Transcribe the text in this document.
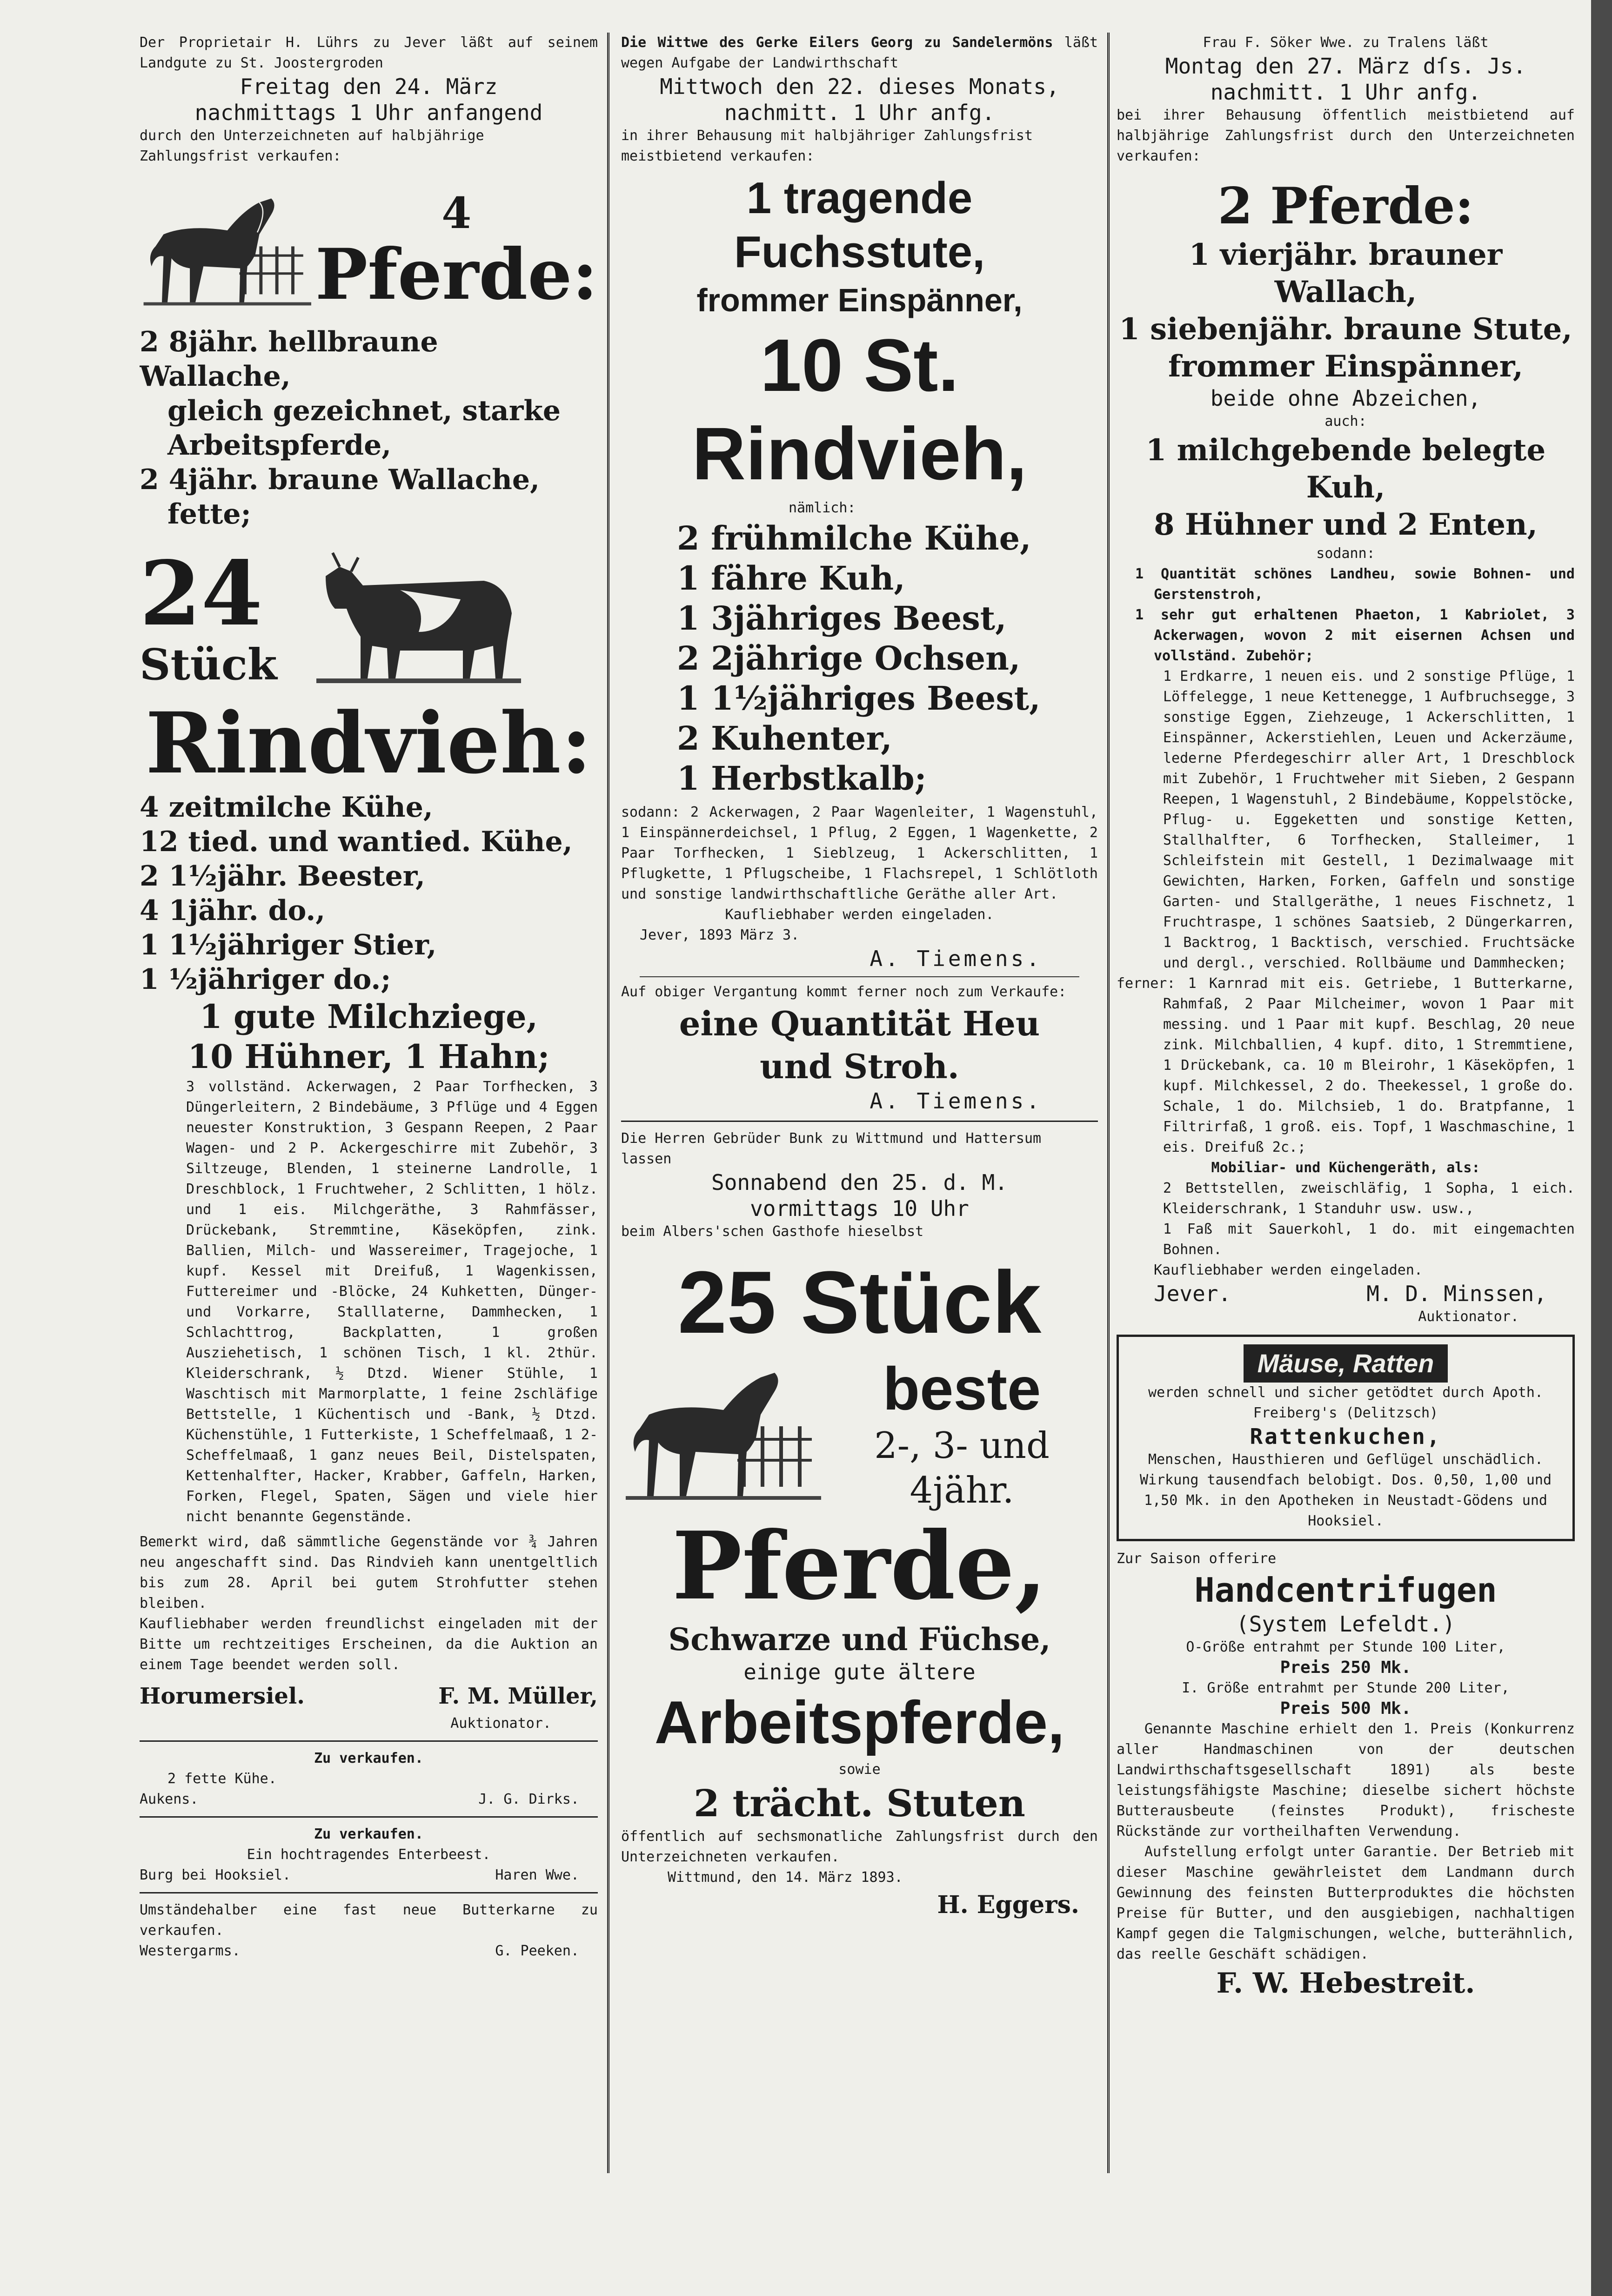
Der Proprietair H. Lührs zu Jever läßt auf seinem Landgute zu St. Joostergroden

Freitag den 24. März

nachmittags 1 Uhr anfangend

durch den Unterzeichneten auf halbjährige Zahlungsfrist verkaufen:

4
Pferde:
2 8jähr. hellbraune Wallache,
gleich gezeichnet, starke
Arbeitspferde,
2 4jähr. braune Wallache,
fette;
24
Stück
Rindvieh:
4 zeitmilche Kühe,
12 tied. und wantied. Kühe,
2 1½jähr. Beester,
4 1jähr. do.,
1 1½jähriger Stier,
1 ½jähriger do.;
1 gute Milchziege,
10 Hühner, 1 Hahn;

3 vollständ. Ackerwagen, 2 Paar Torfhecken, 3 Düngerleitern, 2 Bindebäume, 3 Pflüge und 4 Eggen neuester Konstruktion, 3 Gespann Reepen, 2 Paar Wagen- und 2 P. Ackergeschirre mit Zubehör, 3 Siltzeuge, Blenden, 1 steinerne Landrolle, 1 Dreschblock, 1 Fruchtweher, 2 Schlitten, 1 hölz. und 1 eis. Milchgeräthe, 3 Rahmfässer, Drückebank, Stremmtine, Käseköpfen, zink. Ballien, Milch- und Wassereimer, Tragejoche, 1 kupf. Kessel mit Dreifuß, 1 Wagenkissen, Futtereimer und -Blöcke, 24 Kuhketten, Dünger- und Vorkarre, Stalllaterne, Dammhecken, 1 Schlachttrog, Backplatten, 1 großen Ausziehetisch, 1 schönen Tisch, 1 kl. 2thür. Kleiderschrank, ½ Dtzd. Wiener Stühle, 1 Waschtisch mit Marmorplatte, 1 feine 2schläfige Bettstelle, 1 Küchentisch und -Bank, ½ Dtzd. Küchenstühle, 1 Futterkiste, 1 Scheffelmaaß, 1 2-Scheffelmaaß, 1 ganz neues Beil, Distelspaten, Kettenhalfter, Hacker, Krabber, Gaffeln, Harken, Forken, Flegel, Spaten, Sägen und viele hier nicht benannte Gegenstände.

Bemerkt wird, daß sämmtliche Gegenstände vor ¾ Jahren neu angeschafft sind. Das Rindvieh kann unentgeltlich bis zum 28. April bei gutem Strohfutter stehen bleiben.

Kaufliebhaber werden freundlichst eingeladen mit der Bitte um rechtzeitiges Erscheinen, da die Auktion an einem Tage beendet werden soll.

Horumersiel.	F. M. Müller,
Auktionator.
Zu verkaufen.
2 fette Kühe.
Aukens.	J. G. Dirks.
Zu verkaufen.
Ein hochtragendes Enterbeest.
Burg bei Hooksiel.	Haren Wwe.

Umständehalber eine fast neue Butterkarne zu verkaufen.

Westergarms.	G. Peeken.

Die Wittwe des Gerke Eilers Georg zu Sandelermöns läßt wegen Aufgabe der Landwirthschaft

Mittwoch den 22. dieses Monats,

nachmitt. 1 Uhr anfg.

in ihrer Behausung mit halbjähriger Zahlungsfrist meistbietend verkaufen:

1 tragende Fuchsstute,
frommer Einspänner,
10 St. Rindvieh,
nämlich:
2 frühmilche Kühe,
1 fähre Kuh,
1 3jähriges Beest,
2 2jährige Ochsen,
1 1½jähriges Beest,
2 Kuhenter,
1 Herbstkalb;

sodann: 2 Ackerwagen, 2 Paar Wagenleiter, 1 Wagenstuhl, 1 Einspännerdeichsel, 1 Pflug, 2 Eggen, 1 Wagenkette, 2 Paar Torfhecken, 1 Sieblzeug, 1 Ackerschlitten, 1 Pflugkette, 1 Pflugscheibe, 1 Flachsrepel, 1 Schlötloth und sonstige landwirthschaftliche Geräthe aller Art.

Kaufliebhaber werden eingeladen.

Jever, 1893 März 3.

A. Tiemens.

Auf obiger Vergantung kommt ferner noch zum Verkaufe:

eine Quantität Heu und Stroh.

A. Tiemens.

Die Herren Gebrüder Bunk zu Wittmund und Hattersum lassen

Sonnabend den 25. d. M.

vormittags 10 Uhr

beim Albers'schen Gasthofe hieselbst

25 Stück
beste
2-, 3- und 4jähr.
Pferde,
Schwarze und Füchse,
einige gute ältere
Arbeitspferde,
sowie
2 trächt. Stuten

öffentlich auf sechsmonatliche Zahlungsfrist durch den Unterzeichneten verkaufen.

Wittmund, den 14. März 1893.

H. Eggers.

Frau F. Söker Wwe. zu Tralens läßt

Montag den 27. März dſs. Js.

nachmitt. 1 Uhr anfg.

bei ihrer Behausung öffentlich meistbietend auf halbjährige Zahlungsfrist durch den Unterzeichneten verkaufen:

2 Pferde:
1 vierjähr. brauner Wallach,
1 siebenjähr. braune Stute,
frommer Einspänner,
beide ohne Abzeichen,
auch:
1 milchgebende belegte Kuh,
8 Hühner und 2 Enten,
sodann:

1 Quantität schönes Landheu, sowie Bohnen- und Gerstenstroh,

1 sehr gut erhaltenen Phaeton, 1 Kabriolet, 3 Ackerwagen, wovon 2 mit eisernen Achsen und vollständ. Zubehör;

1 Erdkarre, 1 neuen eis. und 2 sonstige Pflüge, 1 Löffelegge, 1 neue Kettenegge, 1 Aufbruchsegge, 3 sonstige Eggen, Ziehzeuge, 1 Ackerschlitten, 1 Einspänner, Ackerstiehlen, Leuen und Ackerzäume, lederne Pferdegeschirr aller Art, 1 Dreschblock mit Zubehör, 1 Fruchtweher mit Sieben, 2 Gespann Reepen, 1 Wagenstuhl, 2 Bindebäume, Koppelstöcke, Pflug- u. Eggeketten und sonstige Ketten, Stallhalfter, 6 Torfhecken, Stalleimer, 1 Schleifstein mit Gestell, 1 Dezimalwaage mit Gewichten, Harken, Forken, Gaffeln und sonstige Garten- und Stallgeräthe, 1 neues Fischnetz, 1 Fruchtraspe, 1 schönes Saatsieb, 2 Düngerkarren, 1 Backtrog, 1 Backtisch, verschied. Fruchtsäcke und dergl., verschied. Rollbäume und Dammhecken;

ferner: 1 Karnrad mit eis. Getriebe, 1 Butterkarne, Rahmfaß, 2 Paar Milcheimer, wovon 1 Paar mit messing. und 1 Paar mit kupf. Beschlag, 20 neue zink. Milchballien, 4 kupf. dito, 1 Stremmtiene, 1 Drückebank, ca. 10 m Bleirohr, 1 Käseköpfen, 1 kupf. Milchkessel, 2 do. Theekessel, 1 große do. Schale, 1 do. Milchsieb, 1 do. Bratpfanne, 1 Filtrirfaß, 1 groß. eis. Topf, 1 Waschmaschine, 1 eis. Dreifuß 2c.;

Mobiliar- und Küchengeräth, als:

2 Bettstellen, zweischläfig, 1 Sopha, 1 eich. Kleiderschrank, 1 Standuhr usw. usw.,

1 Faß mit Sauerkohl, 1 do. mit eingemachten Bohnen.

Kaufliebhaber werden eingeladen.

Jever.	M. D. Minssen,
Auktionator.
Mäuse, Ratten

werden schnell und sicher getödtet durch Apoth. Freiberg's (Delitzsch)

Rattenkuchen,

Menschen, Hausthieren und Geflügel unschädlich. Wirkung tausendfach belobigt. Dos. 0,50, 1,00 und 1,50 Mk. in den Apotheken in Neustadt-Gödens und Hooksiel.

Zur Saison offerire

Handcentrifugen
(System Lefeldt.)
O-Größe entrahmt per Stunde 100 Liter,
Preis 250 Mk.
I. Größe entrahmt per Stunde 200 Liter,
Preis 500 Mk.

Genannte Maschine erhielt den 1. Preis (Konkurrenz aller Handmaschinen von der deutschen Landwirthschaftsgesellschaft 1891) als beste leistungsfähigste Maschine; dieselbe sichert höchste Butterausbeute (feinstes Produkt), frischeste Rückstände zur vortheilhaften Verwendung.

Aufstellung erfolgt unter Garantie. Der Betrieb mit dieser Maschine gewährleistet dem Landmann durch Gewinnung des feinsten Butterproduktes die höchsten Preise für Butter, und den ausgiebigen, nachhaltigen Kampf gegen die Talgmischungen, welche, butterähnlich, das reelle Geschäft schädigen.

F. W. Hebestreit.
